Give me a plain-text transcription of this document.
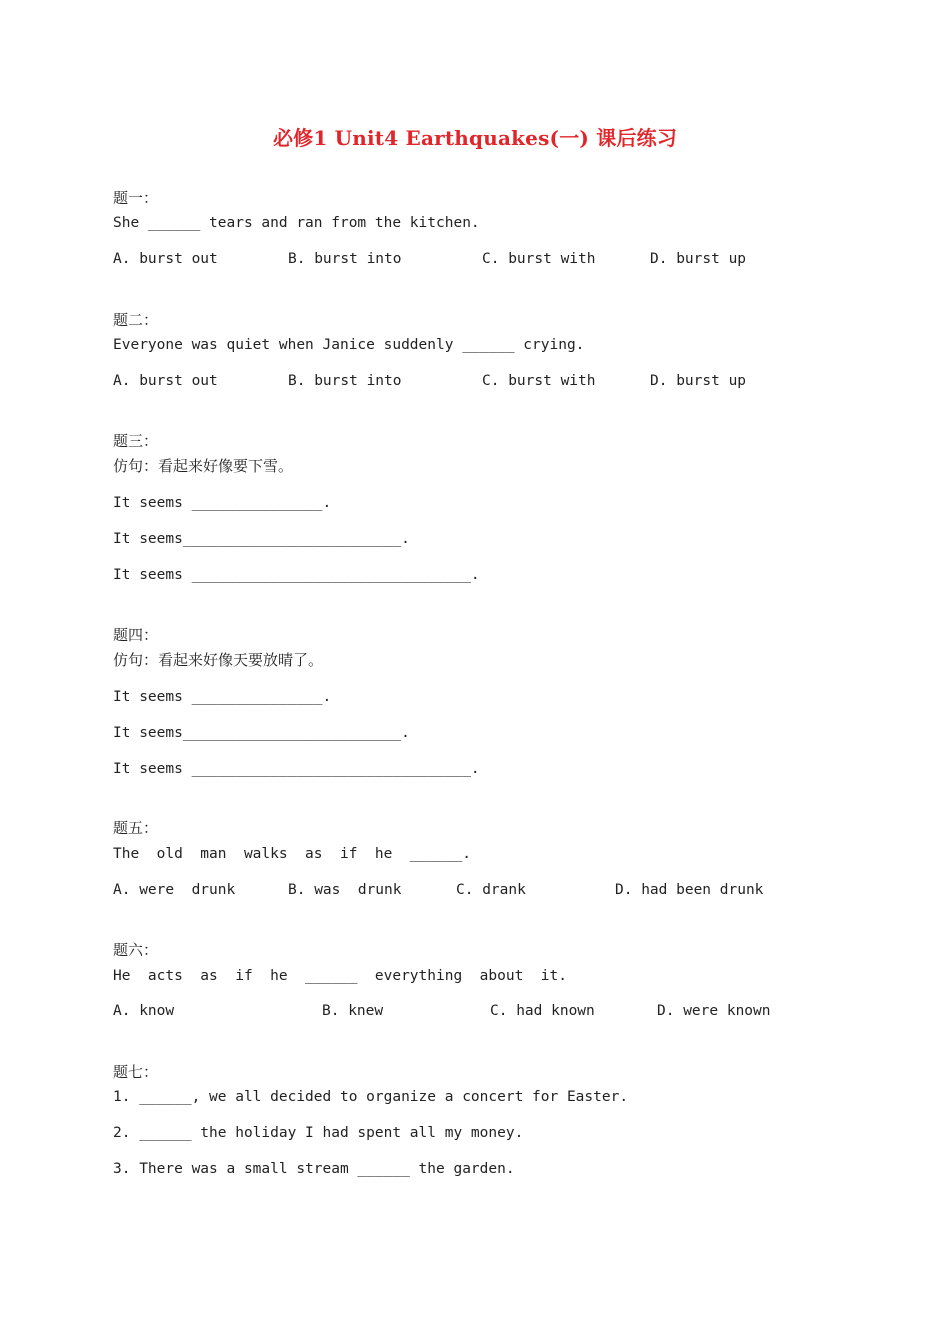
必修1 Unit4 Earthquakes(一) 课后练习
题一：
She ______ tears and ran from the kitchen.
A. burst out	B. burst into	C. burst with	D. burst up
题二：
Everyone was quiet when Janice suddenly ______ crying.
A. burst out	B. burst into	C. burst with	D. burst up
题三：
仿句：看起来好像要下雪。
It seems _______________.
It seems_________________________.
It seems ________________________________.
题四：
仿句：看起来好像天要放晴了。
It seems _______________.
It seems_________________________.
It seems ________________________________.
题五：
The  old  man  walks  as  if  he  ______.
A. were  drunk	B. was  drunk	C. drank	D. had been drunk
题六：
He  acts  as  if  he  ______  everything  about  it.
A. know	B. knew	C. had known	D. were known
题七：
1. ______, we all decided to organize a concert for Easter.
2. ______ the holiday I had spent all my money.
3. There was a small stream ______ the garden.
